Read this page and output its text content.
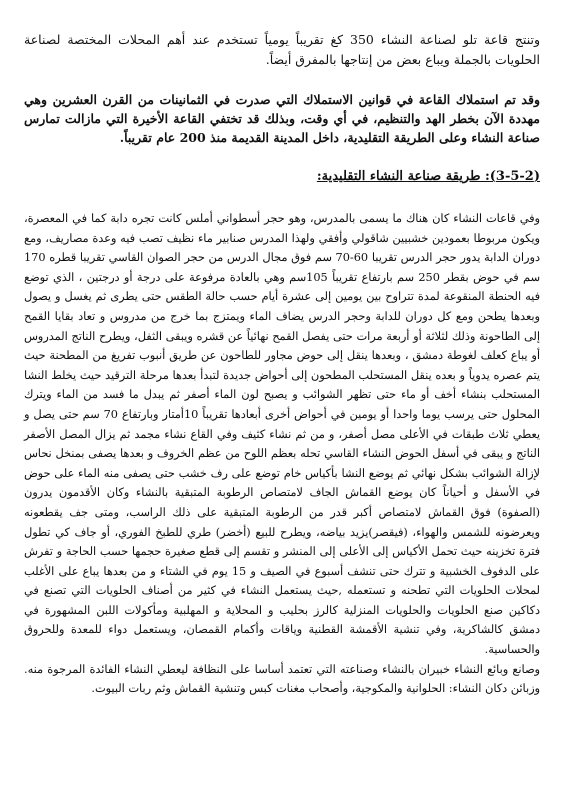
وتنتج قاعة تلو لصناعة النشاء 350 كغ تقريباً يومياً تستخدم عند أهم المحلات المختصة لصناعة الحلويات بالجملة ويباع بعض من إنتاجها بالمفرق أيضاً.

وقد تم استملاك القاعة في قوانين الاستملاك التي صدرت في الثمانينات من القرن العشرين وهي مهددة الآن بخطر الهد والتنظيم، في أي وقت، وبذلك قد تختفي القاعة الأخيرة التي مازالت تمارس صناعة النشاء وعلى الطريقة التقليدية، داخل المدينة القديمة منذ 200 عام تقريباً.

(3-5-2): طريقة صناعة النشاء التقليدية:

وفي قاعات النشاء كان هناك ما يسمى بالمدرس، وهو حجر أسطواني أملس كانت تجره دابة كما في المعصرة، ويكون مربوطا بعمودين خشبيين شاقولي وأفقي ولهذا المدرس صنابير ماء نظيف تصب فيه وعدة مصاريف، ومع دوران الدابة يدور حجر الدرس تقريبا 60-70 سم فوق مجال الدرس من حجر الصوان القاسي تقريبا قطره 170 سم في حوض بقطر 250 سم بارتفاع تقريباً 105سم وهي بالعادة مرفوعة على درجة أو درجتين ، الذي توضع فيه الحنطة المنقوعة لمدة تتراوح بين يومين إلى عشرة أيام حسب حالة الطقس حتى يطرى ثم يغسل و يصول وبعدها يطحن ومع كل دوران للدابة وحجر الدرس يضاف الماء ويمتزج بما خرج من مدروس و تعاد بقايا القمح إلى الطاحونة وذلك لثلاثة أو أربعة مرات حتى يفصل القمح نهائياً عن قشره ويبقى الثفل، ويطرح الناتج المدروس أو يباع كعلف لغوطة دمشق ، وبعدها ينقل إلى حوض مجاور للطاحون عن طريق أنبوب تفريغ من المطحنة حيث يتم عصره يدوياً و بعده ينقل المستحلب المطحون إلى أحواض جديدة لتبدأ بعدها مرحلة الترقيد حيث يخلط النشا المستحلب بنشاء أخف أو ماء حتى تظهر الشوائب و يصبح لون الماء أصفر ثم يبدل ما فسد من الماء ويترك المحلول حتى يرسب يوما واحدا أو يومين في أحواض أخرى أبعادها تقريباً 10أمتار وبارتفاع 70 سم حتى يصل و يعطي ثلاث طبقات في الأعلى مصل أصفر، و من ثم نشاء كثيف وفي القاع نشاء مجمد ثم يزال المصل الأصفر الناتج و يبقى في أسفل الحوض النشاء القاسي تحله بعظم اللوح من عظم الخروف و بعدها يصفى بمنخل نحاس لإزالة الشوائب بشكل نهائي ثم يوضع النشا بأكياس خام توضع على رف خشب حتى يصفى منه الماء على حوض في الأسفل و أحياناً كان يوضع القماش الجاف لامتصاص الرطوبة المتبقية بالنشاء وكان الأقدمون يدرون (الصفوة) فوق القماش لامتصاص أكبر قدر من الرطوبة المتبقية على ذلك الراسب، ومتى جف يقطعونه ويعرضونه للشمس والهواء، (فيقصر)يزيد بياضه، ويطرح للبيع (أخضر) طري للطبخ الفوري، أو جاف كي تطول فترة تخزينه حيث تحمل الأكياس إلى الأعلى إلى المنشر و تقسم إلى قطع صغيرة حجمها حسب الحاجة و تفرش على الدفوف الخشبية و تترك حتى تنشف أسبوع في الصيف و 15 يوم في الشتاء و من بعدها يباع على الأغلب لمحلات الحلويات التي تطحنه و تستعمله ,حيث يستعمل النشاء في كثير من أصناف الحلويات التي تصنع في دكاكين صنع الحلويات والحلويات المنزلية كالرز بحليب و المحلاية و المهلبية ومأكولات اللبن المشهورة في دمشق كالشاكرية، وفي تنشية الأقمشة القطنية وياقات وأكمام القمصان، ويستعمل دواء للمعدة وللحروق والحساسية.

وصانع وبائع النشاء خبيران بالنشاء وصناعته التي تعتمد أساسا على النظافة ليعطي النشاء الفائدة المرجوة منه. وزبائن دكان النشاء: الحلوانية والمكوجية، وأصحاب مغنات كبس وتنشية القماش وثم ربات البيوت.
